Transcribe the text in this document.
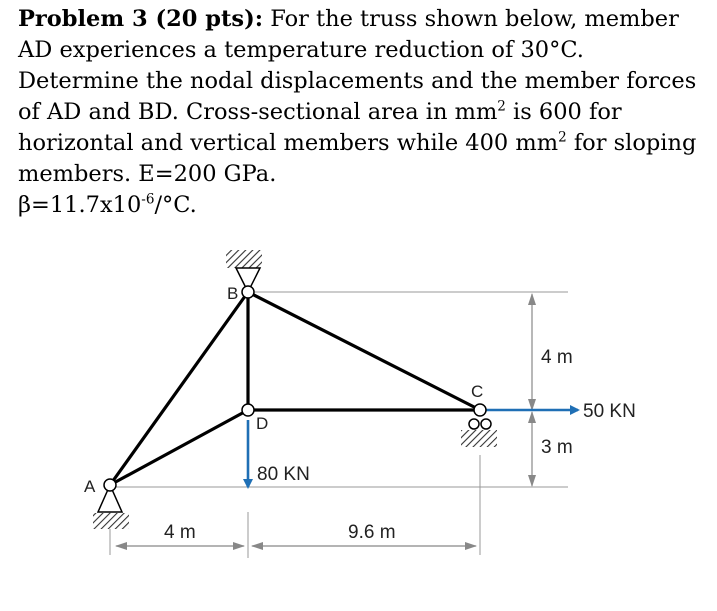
Problem 3 (20 pts): For the truss shown below, member AD experiences a temperature reduction of 30°C. Determine the nodal displacements and the member forces of AD and BD. Cross-sectional area in $mm^2$ is 600 for horizontal and vertical members while 400 $mm^2$ for sloping members. E=200 GPa.

$\beta=11.7x10^{-6}/^\circ C$.

4 m	9.6 m
4 m
3 m
80 KN
50 KN
A
B
C
D
